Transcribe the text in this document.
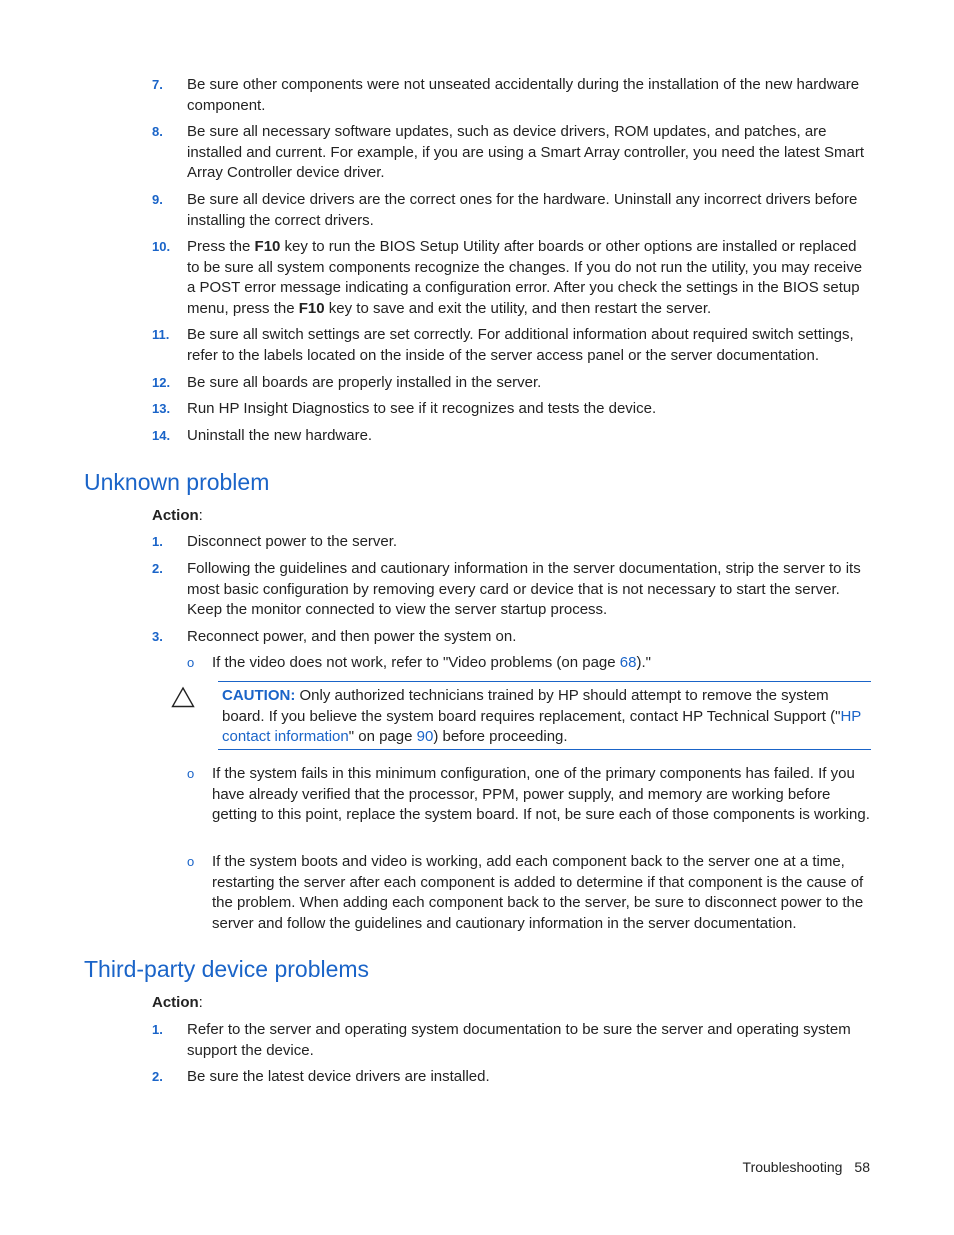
7. Be sure other components were not unseated accidentally during the installation of the new hardware component.
8. Be sure all necessary software updates, such as device drivers, ROM updates, and patches, are installed and current. For example, if you are using a Smart Array controller, you need the latest Smart Array Controller device driver.
9. Be sure all device drivers are the correct ones for the hardware. Uninstall any incorrect drivers before installing the correct drivers.
10. Press the F10 key to run the BIOS Setup Utility after boards or other options are installed or replaced to be sure all system components recognize the changes. If you do not run the utility, you may receive a POST error message indicating a configuration error. After you check the settings in the BIOS setup menu, press the F10 key to save and exit the utility, and then restart the server.
11. Be sure all switch settings are set correctly. For additional information about required switch settings, refer to the labels located on the inside of the server access panel or the server documentation.
12. Be sure all boards are properly installed in the server.
13. Run HP Insight Diagnostics to see if it recognizes and tests the device.
14. Uninstall the new hardware.
Unknown problem
Action:
1. Disconnect power to the server.
2. Following the guidelines and cautionary information in the server documentation, strip the server to its most basic configuration by removing every card or device that is not necessary to start the server. Keep the monitor connected to view the server startup process.
3. Reconnect power, and then power the system on.
o If the video does not work, refer to "Video problems (on page 68)."
CAUTION: Only authorized technicians trained by HP should attempt to remove the system board. If you believe the system board requires replacement, contact HP Technical Support ("HP contact information" on page 90) before proceeding.
o If the system fails in this minimum configuration, one of the primary components has failed. If you have already verified that the processor, PPM, power supply, and memory are working before getting to this point, replace the system board. If not, be sure each of those components is working.
o If the system boots and video is working, add each component back to the server one at a time, restarting the server after each component is added to determine if that component is the cause of the problem. When adding each component back to the server, be sure to disconnect power to the server and follow the guidelines and cautionary information in the server documentation.
Third-party device problems
Action:
1. Refer to the server and operating system documentation to be sure the server and operating system support the device.
2. Be sure the latest device drivers are installed.
Troubleshooting 58
